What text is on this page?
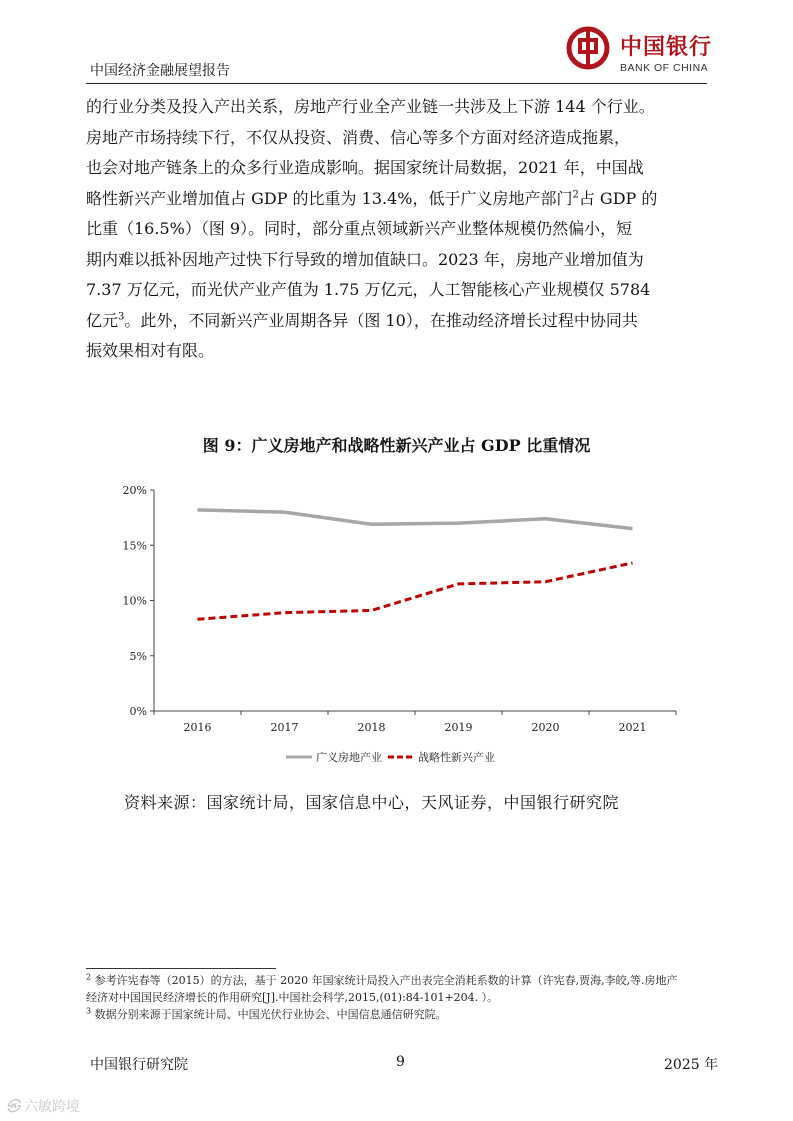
中国经济金融展望报告
中国银行
BANK OF CHINA
的行业分类及投入产出关系，房地产行业全产业链一共涉及上下游 144 个行业。
房地产市场持续下行，不仅从投资、消费、信心等多个方面对经济造成拖累，
也会对地产链条上的众多行业造成影响。据国家统计局数据，2021 年，中国战
略性新兴产业增加值占 GDP 的比重为 13.4%，低于广义房地产部门$^2$占 GDP 的
比重（16.5%）（图 9）。同时，部分重点领域新兴产业整体规模仍然偏小，短
期内难以抵补因地产过快下行导致的增加值缺口。2023 年，房地产业增加值为
7.37 万亿元，而光伏产业产值为 1.75 万亿元，人工智能核心产业规模仅 5784
亿元$^3$。此外，不同新兴产业周期各异（图 10），在推动经济增长过程中协同共
振效果相对有限。
图 9：广义房地产和战略性新兴产业占 GDP 比重情况
0%
5%
10%
15%
20%
2016	2017	2018	2019	2020	2021
广义房地产业	战略性新兴产业
资料来源：国家统计局，国家信息中心，天风证券，中国银行研究院
$^2$ 参考许宪春等（2015）的方法，基于 2020 年国家统计局投入产出表完全消耗系数的计算（许宪春,贾海,李皎,等.房地产
经济对中国国民经济增长的作用研究[J].中国社会科学,2015,(01):84-101+204. ）。
$^3$ 数据分别来源于国家统计局、中国光伏行业协会、中国信息通信研究院。
中国银行研究院	9	2025 年
㉿ 六敏跨境
